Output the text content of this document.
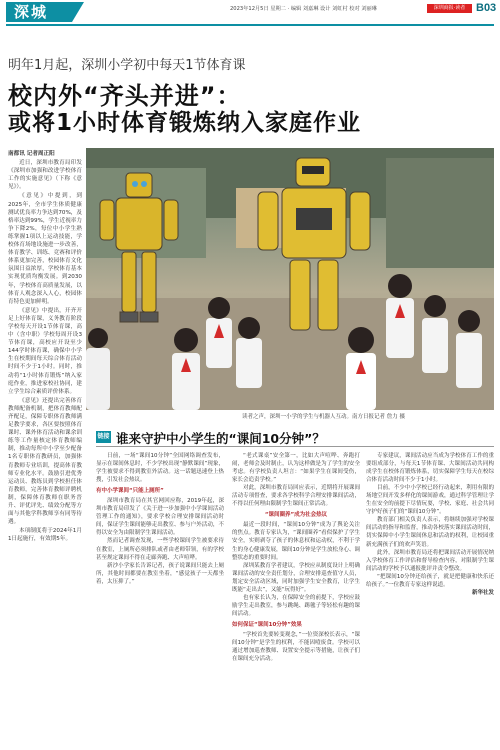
深城	2023年12月5日 星期二 · 编辑 刘嘉琳 设计 刘虹村 校对 刘丽琳	深圳商报·读者 B03
明年1月起，深圳小学初中每天1节体育课
校内外“齐头并进”：
或将1小时体育锻炼纳入家庭作业

南都讯 记者周正阳

近日，深圳市教育局印发《深圳市加强和改进学校体育工作的实施意见》（下称《意见》）。

《意见》中提到，到2025年，全市学生体质健康测试优良率力争达到70%，及格率达到99%，学生近视率力争下降2%，每位中小学生熟练掌握1项以上运动技能，学校体育场地设施进一步改善，体育教学、训练、竞赛和评价体系更加完善，校园体育文化氛围日益浓厚，学校体育基本实现优质均衡发展。到2030年，学校体育高质量发展，以体育人观念深入人心，校园体育特色更加鲜明。

《意见》中提出，开齐开足上好体育课，义务教育阶段学校每天开设1节体育课，高中（含中职）学校每周开设3节体育课，高校应开设至少144学时体育课，确保中小学生在校期间每天综合体育活动时间不少于1小时。同时，推动将“1小时体育锻炼”纳入家庭作业，推进家校社协同，建立学生综合素质评价体系。

《意见》还提出完善体育教师配备机制，把体育教师配齐配足，保障专职体育教师满足教学要求，各区要按照体育课时、课外体育活动和课余训练等工作量核定体育教师编制，推动每所中小学至少配备1名专职体育教研员，加强体育教师专业培训，提高体育教师专业化水平。鼓励引进优秀运动员、教练员到学校担任体育教师，完善体育教师评聘机制，保障体育教师在职务晋升、评优评先、绩效分配等方面与其他学科教师享有同等待遇。

本项制度将于2024年1月1日起施行，有效期5年。

读者之声，深圳一小学的学生与机器人互动。南方日报记者 詹力 摄
链接 谁来守护中小学生的“课间10分钟”？

日前，一场“课间10分钟”全国网络调查发布，显示在课间休息时，不少学校出现“静默课间”现象，学生被要求不得到教室外活动。这一话题迅速登上热搜，引发社会热议。

有中小学课间“只能上厕所”

深圳市教育局在其官网回应称，2019年起，深圳市教育局印发了《关于进一步加强中小学课间活动管理工作的通知》，要求学校合理安排课间活动时间，保证学生课间能够走出教室、参与户外活动，不得以安全为由限制学生课间活动。

然而记者调查发现，一些学校课间学生被要求待在教室，上厕所必须排队或者由老师带领，有的学校甚至规定课间不得在走廊奔跑、大声喧哗。

新沙小学家长告诉记者，孩子说课间只能去上厕所，其他时间都要在教室坐着，“感觉孩子一天都坐着，太压抑了。”

“老式课桌”安全第一，比如大声喧哗、奔跑打闹，老师会及时制止，认为这样做是为了学生的安全考虑。有学校负责人坦言：“如果学生在课间受伤，家长会追责学校。”

对此，深圳市教育局回应表示，近期将开展课间活动专项督查，要求各学校科学合理安排课间活动，不得以任何理由限制学生课间正常活动。

“课间圈养”成为社会热议

最近一段时间，“课间10分钟”成为了舆论关注的焦点。教育专家认为，“课间圈养”看似保护了学生安全，实则剥夺了孩子的休息权和运动权，不利于学生的身心健康发展，课间10分钟是学生放松身心、调整状态的重要时间。

深圳某教育学者建议，学校应从制度设计上明确课间活动的安全责任划分，合理安排巡查值守人员，划定安全活动区域，同时加强学生安全教育，让学生既能“走出去”，又能“玩得好”。

也有家长认为，在保障安全的前提下，学校应鼓励学生走出教室，参与跳绳、踢毽子等轻松有趣的课间活动。

如何保证“课间10分钟”效果

“学校首先要转变观念，”一位资深校长表示，“课间10分钟”是学生的权利，不能因噎废食。学校可以通过增加巡查教师、设置安全提示等措施，让孩子们在课间充分活动。

专家建议，课间活动应当成为学校体育工作的重要组成部分，与每天1节体育课、大课间活动共同构成学生在校体育锻炼体系，切实保障学生每天在校综合体育活动时间不少于1小时。

目前，不少中小学校已经行动起来，利用有限的场地空间开发多样化的课间游戏，通过科学管理让学生在安全的前提下尽情玩耍，学校、家庭、社会共同守护好孩子们的“课间10分钟”。

教育部门相关负责人表示，将继续加强对学校课间活动的指导和监督，推动各校落实课间活动时间，切实保障中小学生课间休息和活动的权利，让校园重新充满孩子们的欢声笑语。

此外，深圳市教育局还将把课间活动开展情况纳入学校体育工作评估和督导检查内容，对限制学生课间活动的学校予以通报批评并责令整改。

“把课间10分钟还给孩子，就是把健康和快乐还给孩子。”一位教育专家这样说道。

新华社发
